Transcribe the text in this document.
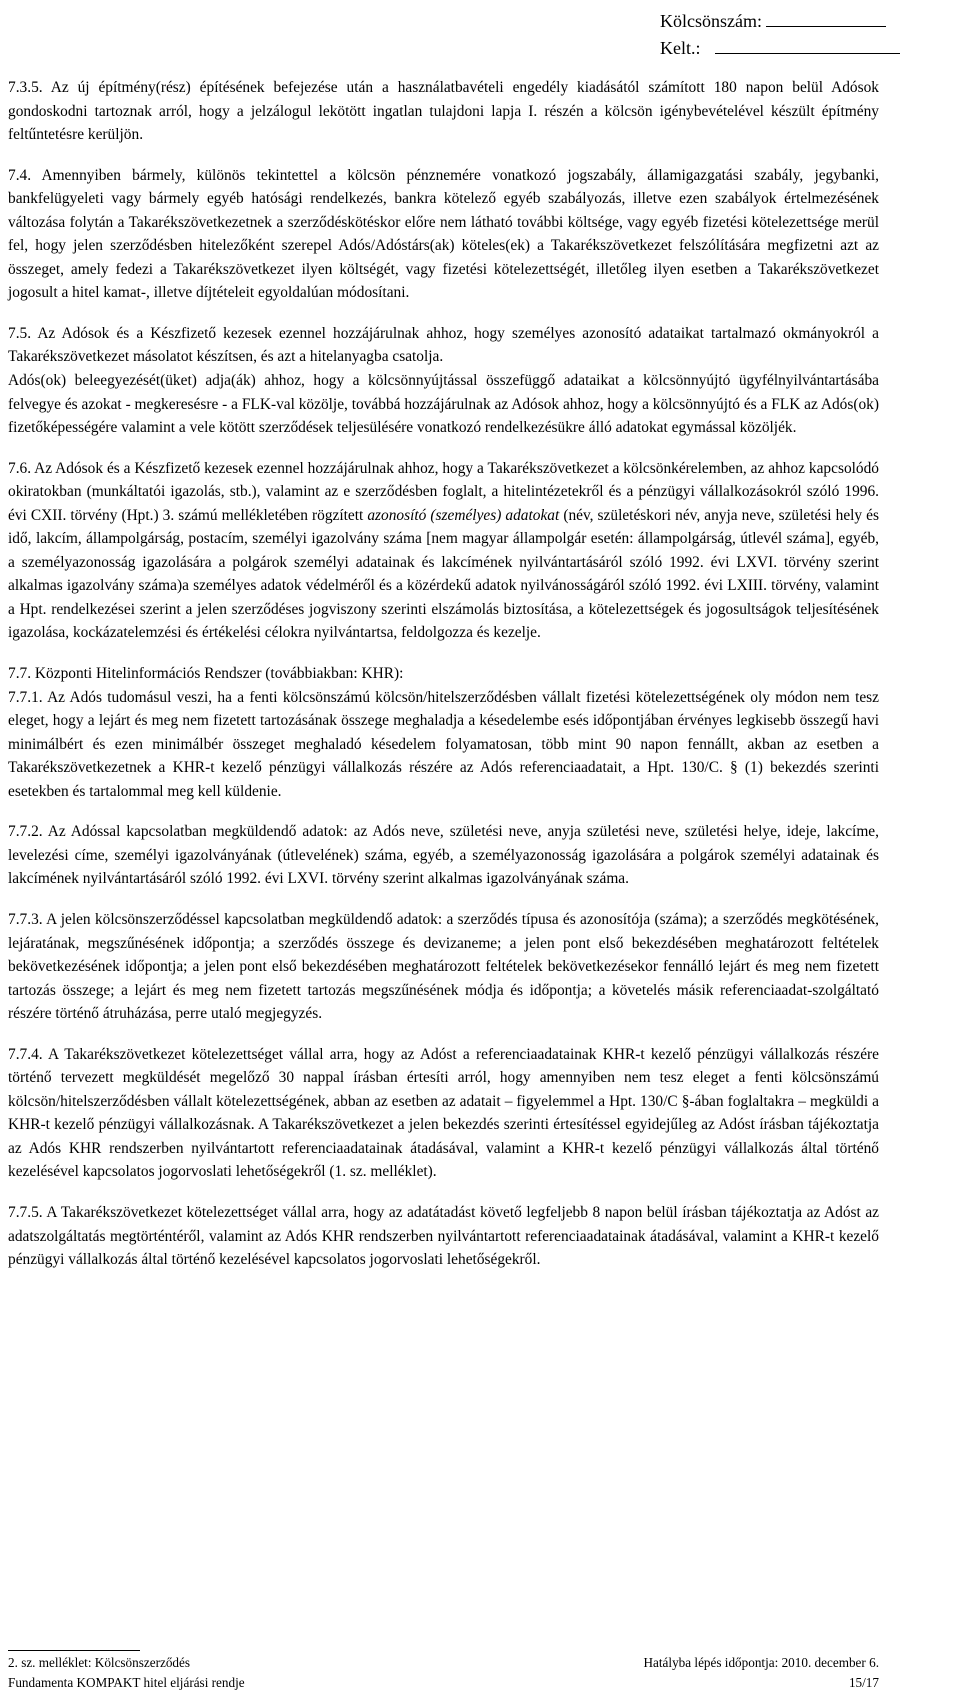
Kölcsönszám:
Kelt.:

7.3.5. Az új építmény(rész) építésének befejezése után a használatbavételi engedély kiadásától számított 180 napon belül Adósok gondoskodni tartoznak arról, hogy a jelzálogul lekötött ingatlan tulajdoni lapja I. részén a kölcsön igénybevételével készült építmény feltűntetésre kerüljön.

7.4. Amennyiben bármely, különös tekintettel a kölcsön pénznemére vonatkozó jogszabály, államigazgatási szabály, jegybanki, bankfelügyeleti vagy bármely egyéb hatósági rendelkezés, bankra kötelező egyéb szabályozás, illetve ezen szabályok értelmezésének változása folytán a Takarékszövetkezetnek a szerződéskötéskor előre nem látható további költsége, vagy egyéb fizetési kötelezettsége merül fel, hogy jelen szerződésben hitelezőként szerepel Adós/Adóstárs(ak) köteles(ek) a Takarékszövetkezet felszólítására megfizetni azt az összeget, amely fedezi a Takarékszövetkezet ilyen költségét, vagy fizetési kötelezettségét, illetőleg ilyen esetben a Takarékszövetkezet jogosult a hitel kamat-, illetve díjtételeit egyoldalúan módosítani.

7.5. Az Adósok és a Készfizető kezesek ezennel hozzájárulnak ahhoz, hogy személyes azonosító adataikat tartalmazó okmányokról a Takarékszövetkezet másolatot készítsen, és azt a hitelanyagba csatolja.

Adós(ok) beleegyezését(üket) adja(ák) ahhoz, hogy a kölcsönnyújtással összefüggő adataikat a kölcsönnyújtó ügyfélnyilvántartásába felvegye és azokat - megkeresésre - a FLK-val közölje, továbbá hozzájárulnak az Adósok ahhoz, hogy a kölcsönnyújtó és a FLK az Adós(ok) fizetőképességére valamint a vele kötött szerződések teljesülésére vonatkozó rendelkezésükre álló adatokat egymással közöljék.

7.6. Az Adósok és a Készfizető kezesek ezennel hozzájárulnak ahhoz, hogy a Takarékszövetkezet a kölcsönkérelemben, az ahhoz kapcsolódó okiratokban (munkáltatói igazolás, stb.), valamint az e szerződésben foglalt, a hitelintézetekről és a pénzügyi vállalkozásokról szóló 1996. évi CXII. törvény (Hpt.) 3. számú mellékletében rögzített azonosító (személyes) adatokat (név, születéskori név, anyja neve, születési hely és idő, lakcím, állampolgárság, postacím, személyi igazolvány száma [nem magyar állampolgár esetén: állampolgárság, útlevél száma], egyéb, a személyazonosság igazolására a polgárok személyi adatainak és lakcímének nyilvántartásáról szóló 1992. évi LXVI. törvény szerint alkalmas igazolvány száma)a személyes adatok védelméről és a közérdekű adatok nyilvánosságáról szóló 1992. évi LXIII. törvény, valamint a Hpt. rendelkezései szerint a jelen szerződéses jogviszony szerinti elszámolás biztosítása, a kötelezettségek és jogosultságok teljesítésének igazolása, kockázatelemzési és értékelési célokra nyilvántartsa, feldolgozza és kezelje.

7.7. Központi Hitelinformációs Rendszer (továbbiakban: KHR):

7.7.1. Az Adós tudomásul veszi, ha a fenti kölcsönszámú kölcsön/hitelszerződésben vállalt fizetési kötelezettségének oly módon nem tesz eleget, hogy a lejárt és meg nem fizetett tartozásának összege meghaladja a késedelembe esés időpontjában érvényes legkisebb összegű havi minimálbért és ezen minimálbér összeget meghaladó késedelem folyamatosan, több mint 90 napon fennállt, akban az esetben a Takarékszövetkezetnek a KHR-t kezelő pénzügyi vállalkozás részére az Adós referenciaadatait, a Hpt. 130/C. § (1) bekezdés szerinti esetekben és tartalommal meg kell küldenie.

7.7.2. Az Adóssal kapcsolatban megküldendő adatok: az Adós neve, születési neve, anyja születési neve, születési helye, ideje, lakcíme, levelezési címe, személyi igazolványának (útlevelének) száma, egyéb, a személyazonosság igazolására a polgárok személyi adatainak és lakcímének nyilvántartásáról szóló 1992. évi LXVI. törvény szerint alkalmas igazolványának száma.

7.7.3. A jelen kölcsönszerződéssel kapcsolatban megküldendő adatok: a szerződés típusa és azonosítója (száma); a szerződés megkötésének, lejáratának, megszűnésének időpontja; a szerződés összege és devizaneme; a jelen pont első bekezdésében meghatározott feltételek bekövetkezésének időpontja; a jelen pont első bekezdésében meghatározott feltételek bekövetkezésekor fennálló lejárt és meg nem fizetett tartozás összege; a lejárt és meg nem fizetett tartozás megszűnésének módja és időpontja; a követelés másik referenciaadat-szolgáltató részére történő átruházása, perre utaló megjegyzés.

7.7.4. A Takarékszövetkezet kötelezettséget vállal arra, hogy az Adóst a referenciaadatainak KHR-t kezelő pénzügyi vállalkozás részére történő tervezett megküldését megelőző 30 nappal írásban értesíti arról, hogy amennyiben nem tesz eleget a fenti kölcsönszámú kölcsön/hitelszerződésben vállalt kötelezettségének, abban az esetben az adatait – figyelemmel a Hpt. 130/C §-ában foglaltakra – megküldi a KHR-t kezelő pénzügyi vállalkozásnak. A Takarékszövetkezet a jelen bekezdés szerinti értesítéssel egyidejűleg az Adóst írásban tájékoztatja az Adós KHR rendszerben nyilvántartott referenciaadatainak átadásával, valamint a KHR-t kezelő pénzügyi vállalkozás által történő kezelésével kapcsolatos jogorvoslati lehetőségekről (1. sz. melléklet).

7.7.5. A Takarékszövetkezet kötelezettséget vállal arra, hogy az adatátadást követő legfeljebb 8 napon belül írásban tájékoztatja az Adóst az adatszolgáltatás megtörténtéről, valamint az Adós KHR rendszerben nyilvántartott referenciaadatainak átadásával, valamint a KHR-t kezelő pénzügyi vállalkozás által történő kezelésével kapcsolatos jogorvoslati lehetőségekről.

2. sz. melléklet: Kölcsönszerződés	Hatályba lépés időpontja: 2010. december 6.
Fundamenta KOMPAKT hitel eljárási rendje	15/17
